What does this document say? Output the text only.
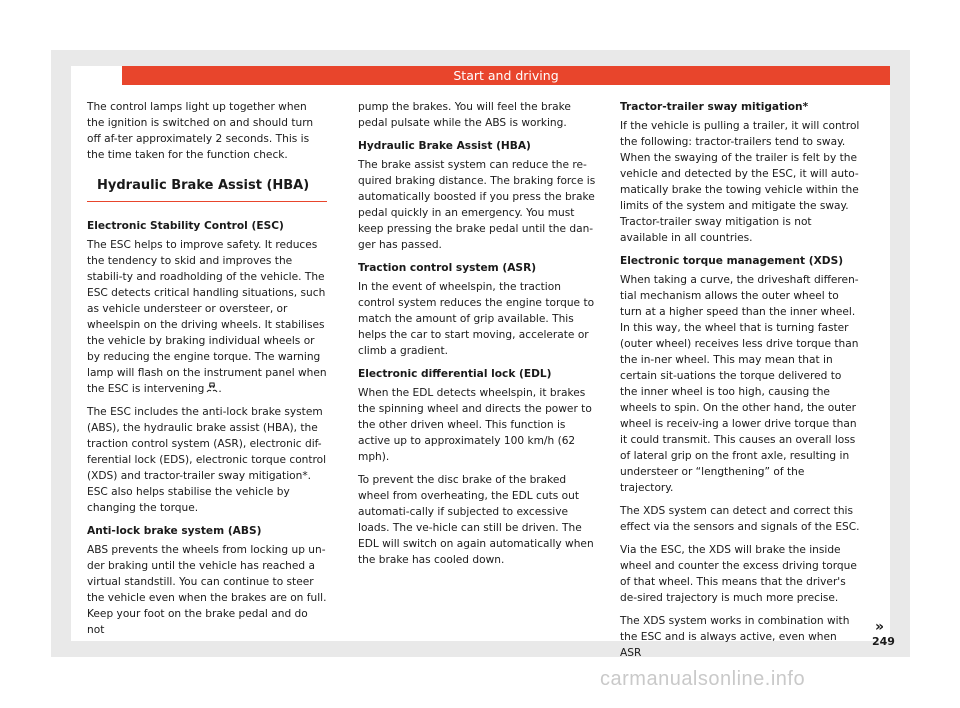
Start and driving

The control lamps light up together when the ignition is switched on and should turn off af-ter approximately 2 seconds. This is the time taken for the function check.

Hydraulic Brake Assist (HBA)
Electronic Stability Control (ESC)

The ESC helps to improve safety. It reduces the tendency to skid and improves the stabili-ty and roadholding of the vehicle. The ESC detects critical handling situations, such as vehicle understeer or oversteer, or wheelspin on the driving wheels. It stabilises the vehicle by braking individual wheels or by reducing the engine torque. The warning lamp will flash on the instrument panel when the ESC is intervening .

The ESC includes the anti-lock brake system (ABS), the hydraulic brake assist (HBA), the traction control system (ASR), electronic dif-ferential lock (EDS), electronic torque control (XDS) and tractor-trailer sway mitigation*. ESC also helps stabilise the vehicle by changing the torque.

Anti-lock brake system (ABS)

ABS prevents the wheels from locking up un-der braking until the vehicle has reached a virtual standstill. You can continue to steer the vehicle even when the brakes are on full. Keep your foot on the brake pedal and do not

pump the brakes. You will feel the brake pedal pulsate while the ABS is working.

Hydraulic Brake Assist (HBA)

The brake assist system can reduce the re-quired braking distance. The braking force is automatically boosted if you press the brake pedal quickly in an emergency. You must keep pressing the brake pedal until the dan-ger has passed.

Traction control system (ASR)

In the event of wheelspin, the traction control system reduces the engine torque to match the amount of grip available. This helps the car to start moving, accelerate or climb a gradient.

Electronic differential lock (EDL)

When the EDL detects wheelspin, it brakes the spinning wheel and directs the power to the other driven wheel. This function is active up to approximately 100 km/h (62 mph).

To prevent the disc brake of the braked wheel from overheating, the EDL cuts out automati-cally if subjected to excessive loads. The ve-hicle can still be driven. The EDL will switch on again automatically when the brake has cooled down.

Tractor-trailer sway mitigation*

If the vehicle is pulling a trailer, it will control the following: tractor-trailers tend to sway. When the swaying of the trailer is felt by the vehicle and detected by the ESC, it will auto-matically brake the towing vehicle within the limits of the system and mitigate the sway. Tractor-trailer sway mitigation is not available in all countries.

Electronic torque management (XDS)

When taking a curve, the driveshaft differen-tial mechanism allows the outer wheel to turn at a higher speed than the inner wheel. In this way, the wheel that is turning faster (outer wheel) receives less drive torque than the in-ner wheel. This may mean that in certain sit-uations the torque delivered to the inner wheel is too high, causing the wheels to spin. On the other hand, the outer wheel is receiv-ing a lower drive torque than it could transmit. This causes an overall loss of lateral grip on the front axle, resulting in understeer or “lengthening” of the trajectory.

The XDS system can detect and correct this effect via the sensors and signals of the ESC.

Via the ESC, the XDS will brake the inside wheel and counter the excess driving torque of that wheel. This means that the driver's de-sired trajectory is much more precise.

The XDS system works in combination with the ESC and is always active, even when ASR

»
249
carmanualsonline.info
